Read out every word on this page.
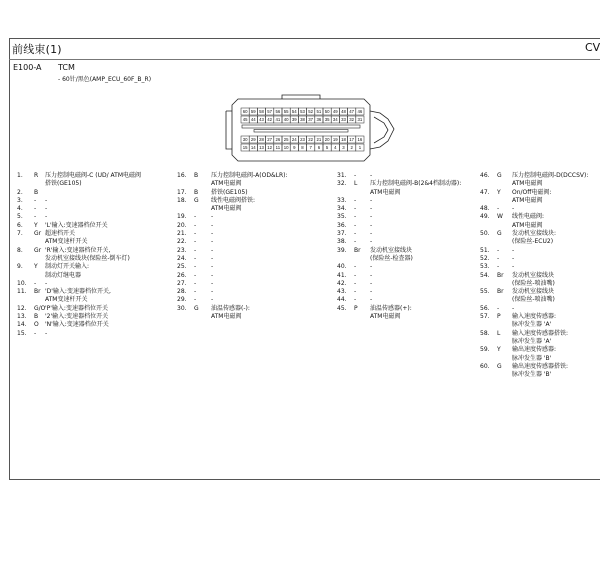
前线束(1)	CV
E100-A TCM
- 60针/黑色(AMP_ECU_60F_B_R)
60 59 58 57 56 55 54 53 52 51 50 49 48 47 46
45 44 43 42 41 40 39 38 37 36 35 34 33 32 31
30 29 28 27 26 25 24 23 22 21 20 19 18 17 16
15 14 13 12 11 10 9 8 7 6 5 4 3 2 1
1. R 压力控制电磁阀-C (UD/ ATM电磁阀
搭铁(GE105)
2. B
3. - -
4. - -
5. - -
6. Y 'L'输入:变速器档位开关
7. Gr 超速档开关
ATM变速杆开关
8. Gr 'R'输入:变速器档位开关,
发动机室接线块(保险丝-倒车灯)
9. Y 制动灯开关输入:
制动灯继电器
10. - -
11. Br 'D'输入:变速器档位开关,
ATM变速杆开关
12. G/O 'P'输入:变速器档位开关
13. B '2'输入:变速器档位开关
14. O 'N'输入:变速器档位开关
15. - -
16. B 压力控制电磁阀-A(OD&LR):
ATM电磁阀
17. B 搭铁(GE105)
18. G 线性电磁阀搭铁:
ATM电磁阀
19. - -
20. - -
21. - -
22. - -
23. - -
24. - -
25. - -
26. - -
27. - -
28. - -
29. - -
30. G 油温传感器(-):
ATM电磁阀
31. - -
32. L 压力控制电磁阀-B(2&4档制动器):
ATM电磁阀
33. - -
34. - -
35. - -
36. - -
37. - -
38. - -
39. Br 发动机室接线块
(保险丝-检查器)
40. - -
41. - -
42. - -
43. - -
44. - -
45. P 油温传感器(+):
ATM电磁阀
46. G 压力控制电磁阀-D(DCCSV):
ATM电磁阀
47. Y On/Off电磁阀:
ATM电磁阀
48. - -
49. W 线性电磁阀:
ATM电磁阀
50. G 发动机室接线块:
(保险丝-ECU2)
51. - -
52. - -
53. - -
54. Br 发动机室接线块
(保险丝-喷油嘴)
55. Br 发动机室接线块
(保险丝-喷油嘴)
56. - -
57. P 输入速度传感器:
脉冲发生器 'A'
58. L 输入速度传感器搭铁:
脉冲发生器 'A'
59. Y 输出速度传感器:
脉冲发生器 'B'
60. G 输出速度传感器搭铁:
脉冲发生器 'B'
